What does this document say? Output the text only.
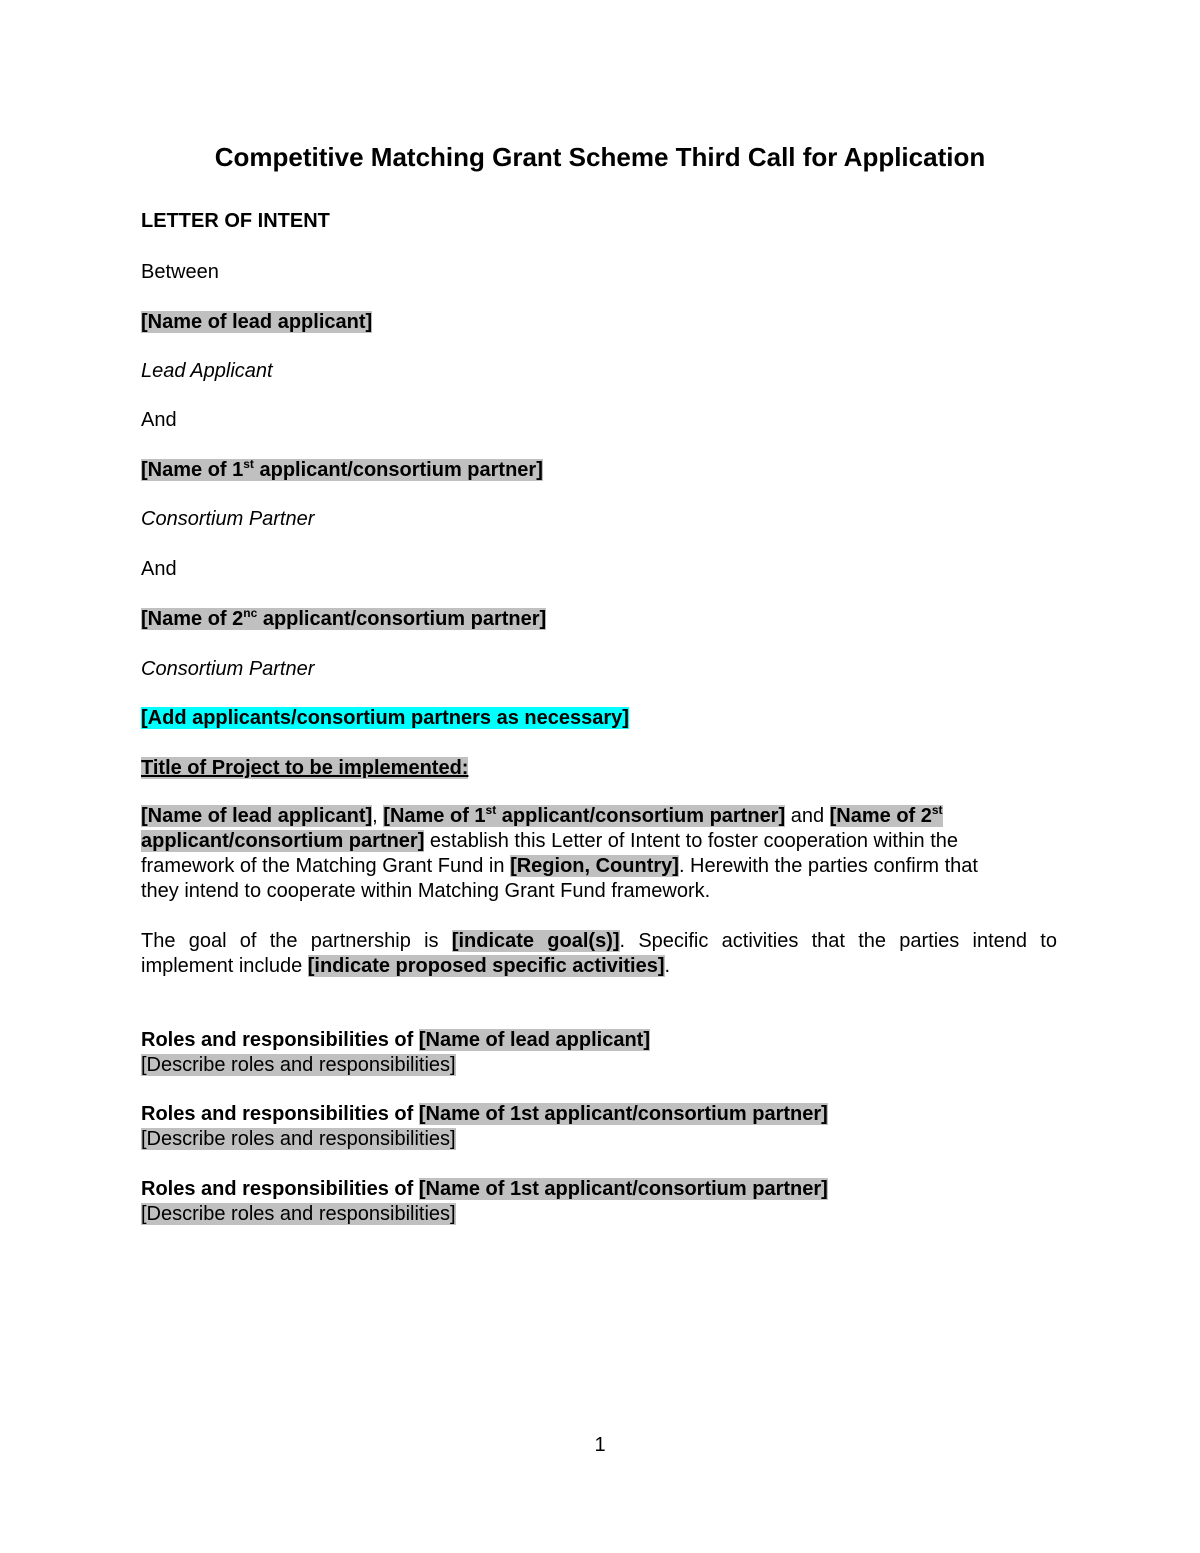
Competitive Matching Grant Scheme Third Call for Application
LETTER OF INTENT
Between
[Name of lead applicant]
Lead Applicant
And
[Name of 1st applicant/consortium partner]
Consortium Partner
And
[Name of $2^{nc}$ applicant/consortium partner]
Consortium Partner
[Add applicants/consortium partners as necessary]
Title of Project to be implemented:
[Name of lead applicant], [Name of 1st applicant/consortium partner] and [Name of 2st
applicant/consortium partner] establish this Letter of Intent to foster cooperation within the
framework of the Matching Grant Fund in [Region, Country]. Herewith the parties confirm that
they intend to cooperate within Matching Grant Fund framework.
The goal of the partnership is [indicate goal(s)]. Specific activities that the parties intend to
implement include [indicate proposed specific activities].
Roles and responsibilities of [Name of lead applicant]
[Describe roles and responsibilities]
Roles and responsibilities of [Name of 1st applicant/consortium partner]
[Describe roles and responsibilities]
Roles and responsibilities of [Name of 1st applicant/consortium partner]
[Describe roles and responsibilities]
1
